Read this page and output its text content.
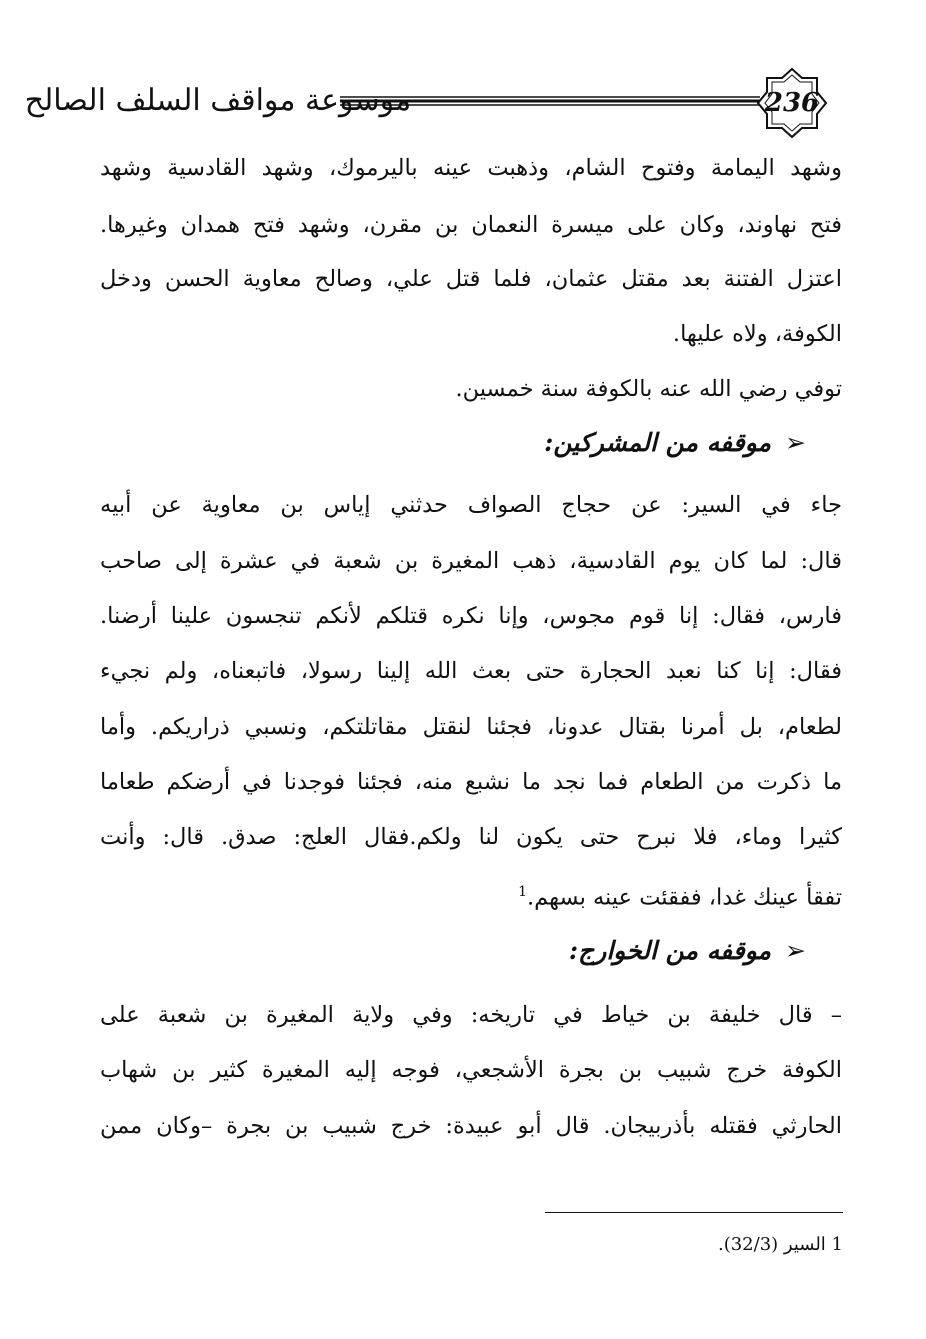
236
موسوعة مواقف السلف الصالح
وشهد اليمامة وفتوح الشام، وذهبت عينه باليرموك، وشهد القادسية وشهد
فتح نهاوند، وكان على ميسرة النعمان بن مقرن، وشهد فتح همدان وغيرها.
اعتزل الفتنة بعد مقتل عثمان، فلما قتل علي، وصالح معاوية الحسن ودخل
الكوفة، ولاه عليها.
توفي رضي الله عنه بالكوفة سنة خمسين.
➢موقفه من المشركين:
جاء في السير: عن حجاج الصواف حدثني إياس بن معاوية عن أبيه
قال: لما كان يوم القادسية، ذهب المغيرة بن شعبة في عشرة إلى صاحب
فارس، فقال: إنا قوم مجوس، وإنا نكره قتلكم لأنكم تنجسون علينا أرضنا.
فقال: إنا كنا نعبد الحجارة حتى بعث الله إلينا رسولا، فاتبعناه، ولم نجيء
لطعام، بل أمرنا بقتال عدونا، فجئنا لنقتل مقاتلتكم، ونسبي ذراريكم. وأما
ما ذكرت من الطعام فما نجد ما نشبع منه، فجئنا فوجدنا في أرضكم طعاما
كثيرا وماء، فلا نبرح حتى يكون لنا ولكم.فقال العلج: صدق. قال: وأنت
تفقأ عينك غدا، ففقئت عينه بسهم.$^1$
➢موقفه من الخوارج:
– قال خليفة بن خياط في تاريخه: وفي ولاية المغيرة بن شعبة على
الكوفة خرج شبيب بن بجرة الأشجعي، فوجه إليه المغيرة كثير بن شهاب
الحارثي فقتله بأذربيجان. قال أبو عبيدة: خرج شبيب بن بجرة –وكان ممن
1 السير (32/3).
